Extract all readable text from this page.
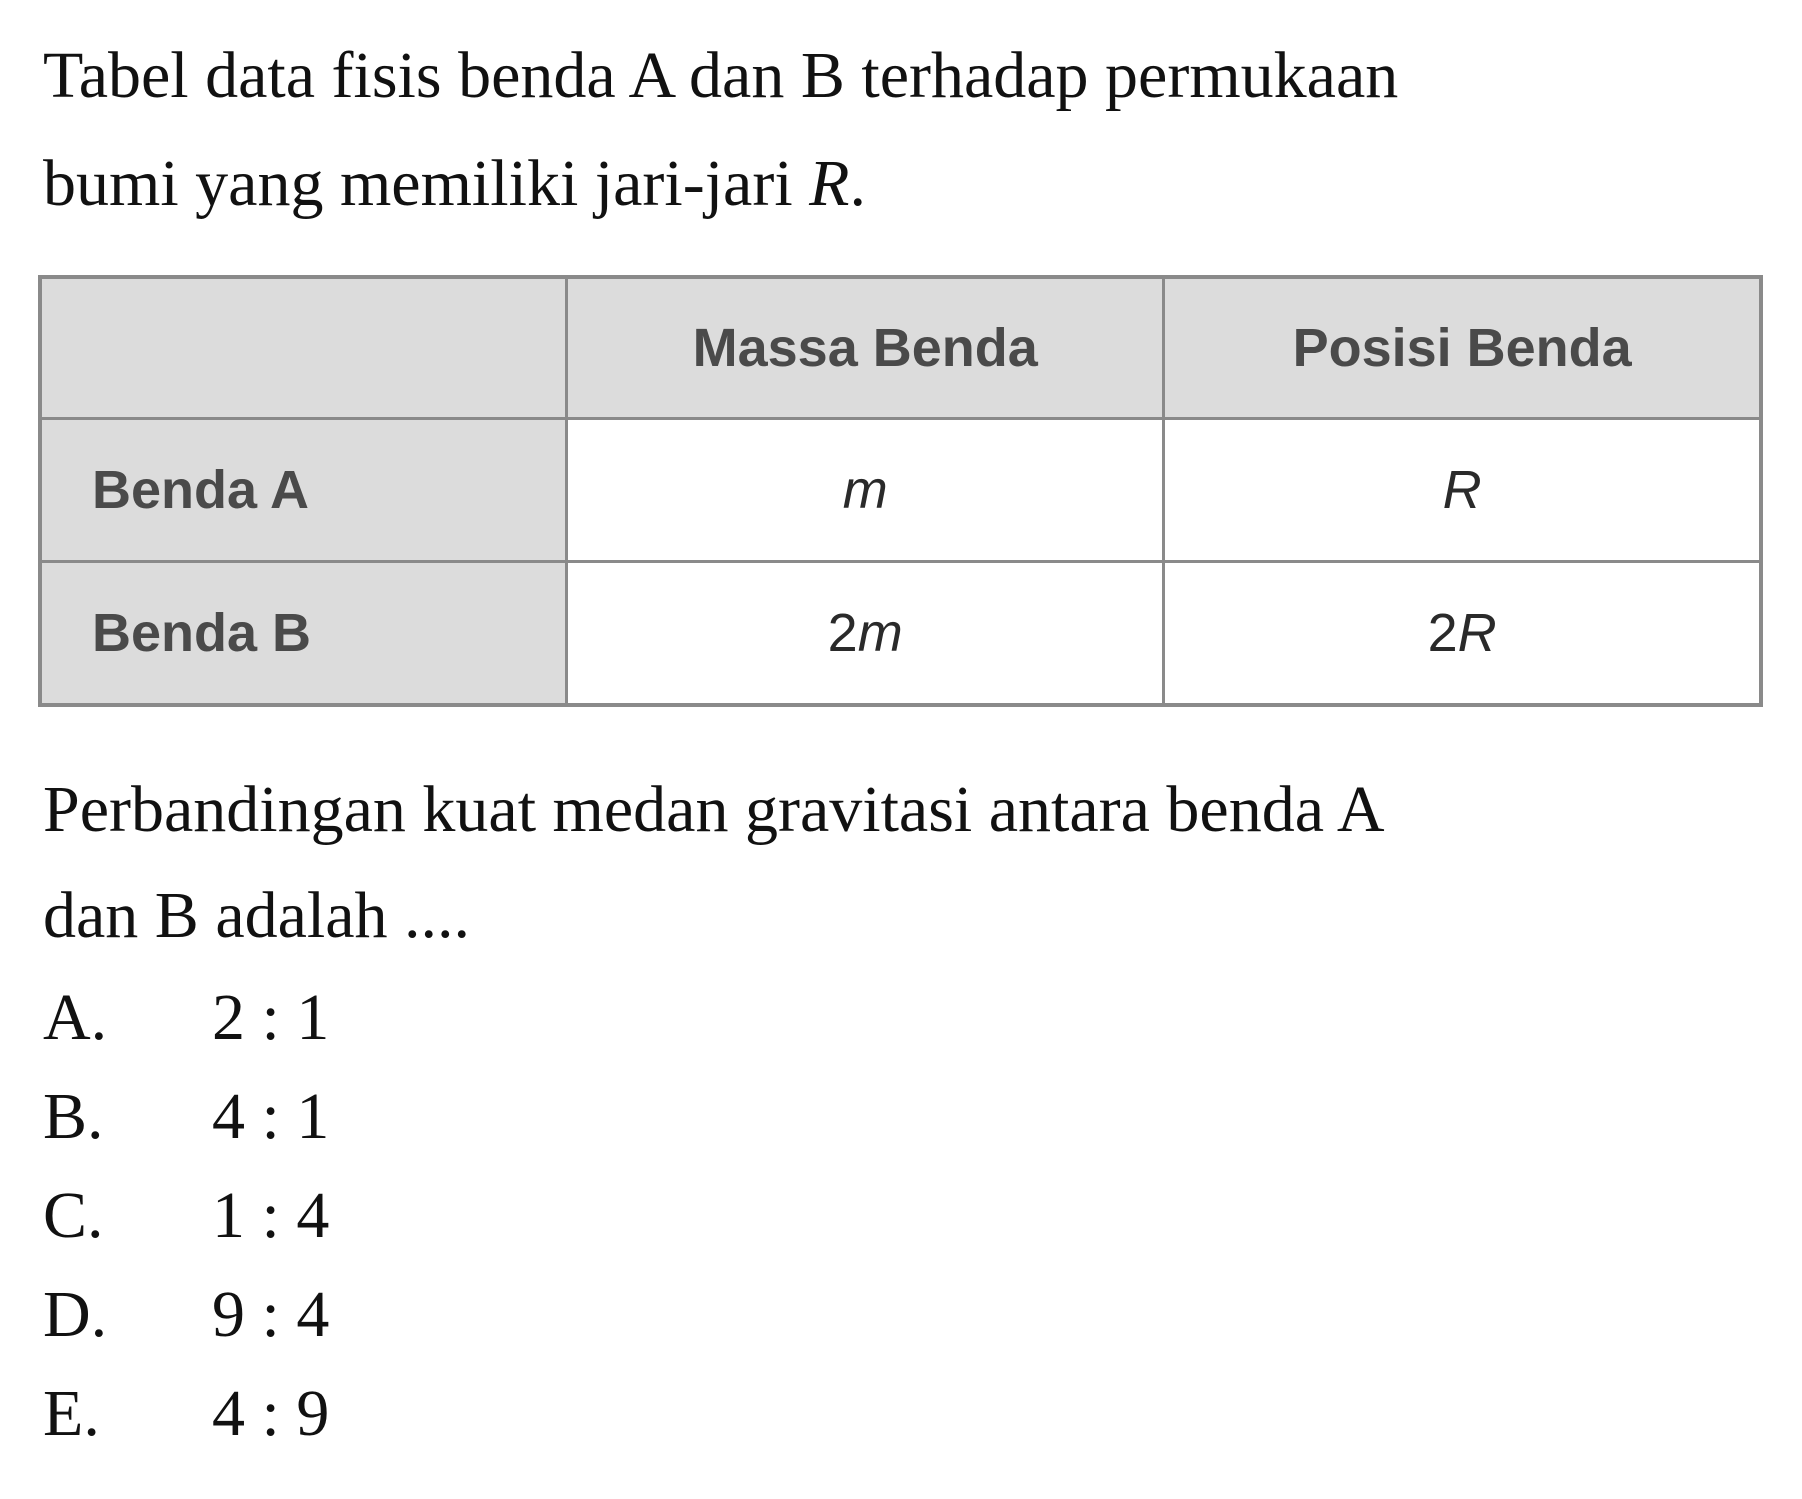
Tabel data fisis benda A dan B terhadap permukaan
bumi yang memiliki jari-jari R.

	Massa Benda	Posisi Benda
Benda A	m	R
Benda B	2m	2R

Perbandingan kuat medan gravitasi antara benda A
dan B adalah ....

A.	2 : 1
B.	4 : 1
C.	1 : 4
D.	9 : 4
E.	4 : 9
